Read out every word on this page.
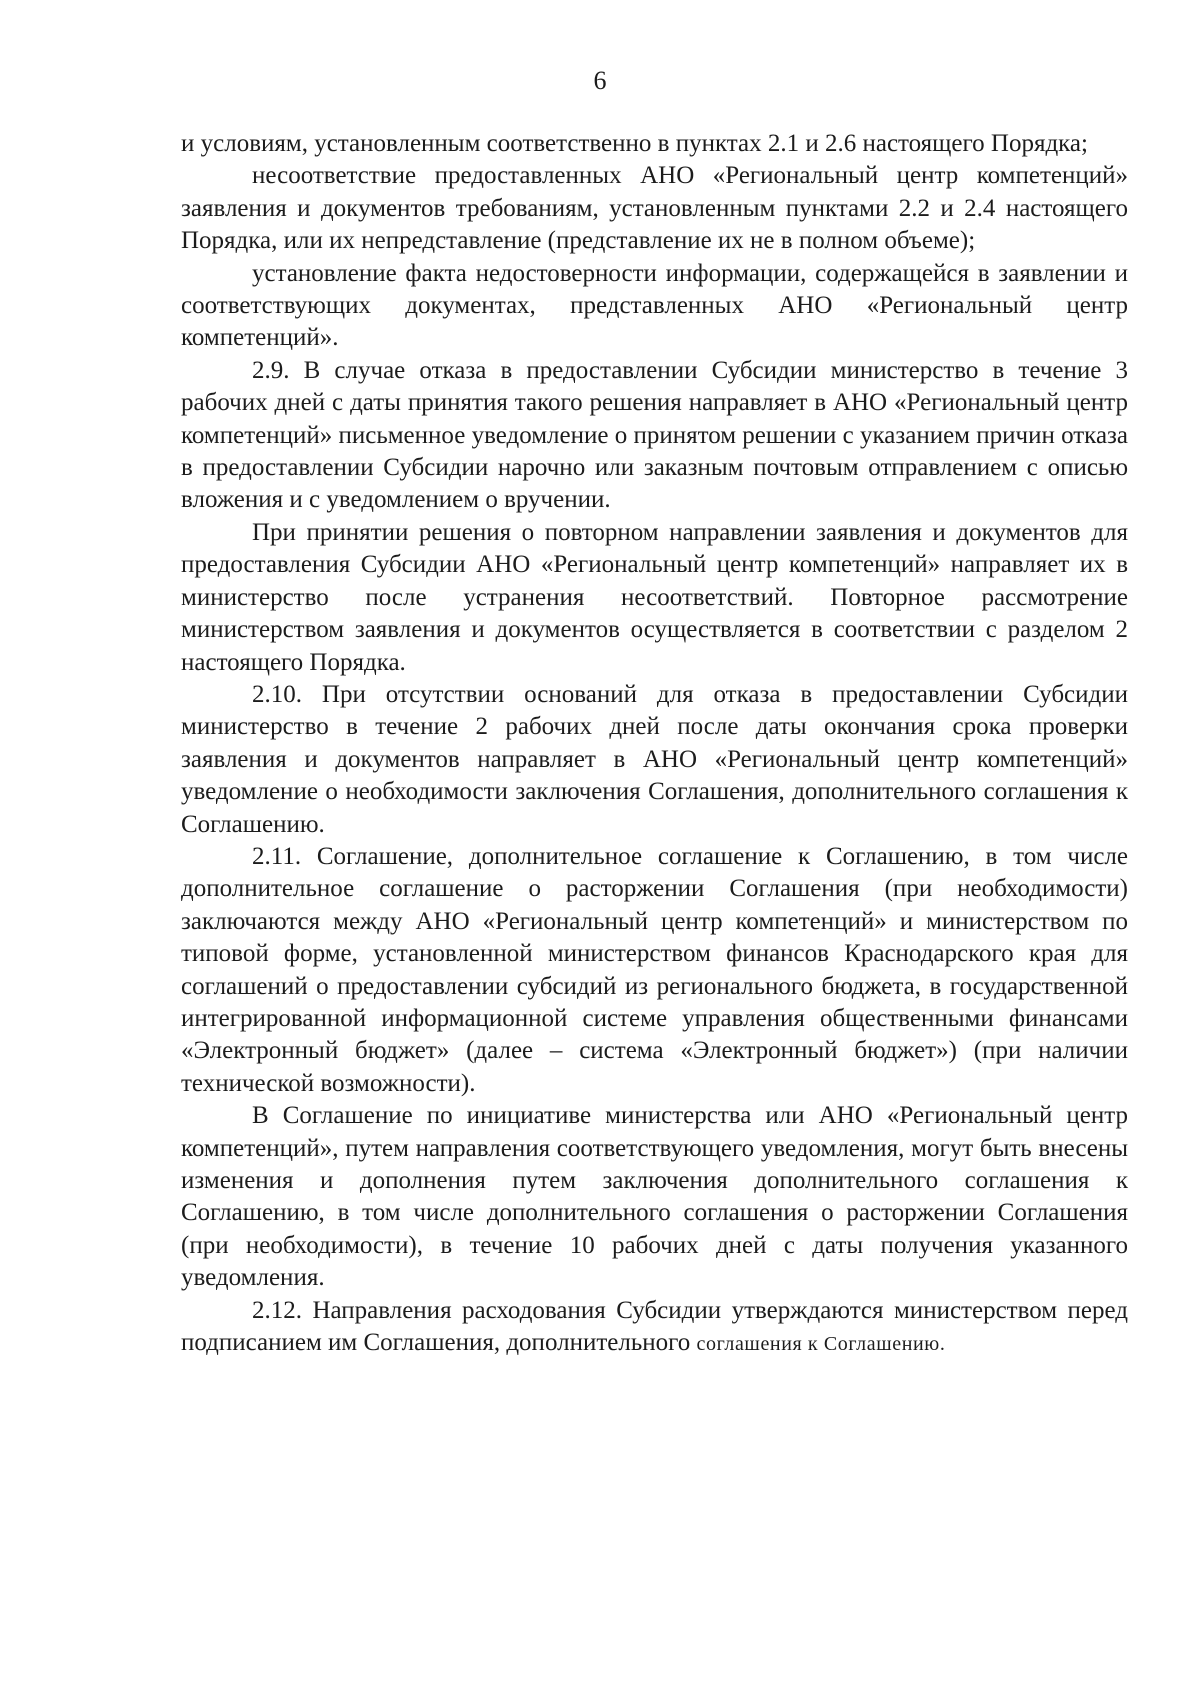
6

и условиям, установленным соответственно в пунктах 2.1 и 2.6 настоящего Порядка;

несоответствие предоставленных АНО «Региональный центр компетенций» заявления и документов требованиям, установленным пунктами 2.2 и 2.4 настоящего Порядка, или их непредставление (представление их не в полном объеме);

установление факта недостоверности информации, содержащейся в заявлении и соответствующих документах, представленных АНО «Региональный центр компетенций».

2.9. В случае отказа в предоставлении Субсидии министерство в течение 3 рабочих дней с даты принятия такого решения направляет в АНО «Региональный центр компетенций» письменное уведомление о принятом решении с указанием причин отказа в предоставлении Субсидии нарочно или заказным почтовым отправлением с описью вложения и с уведомлением о вручении.

При принятии решения о повторном направлении заявления и документов для предоставления Субсидии АНО «Региональный центр компетенций» направляет их в министерство после устранения несоответствий. Повторное рассмотрение министерством заявления и документов осуществляется в соответствии с разделом 2 настоящего Порядка.

2.10. При отсутствии оснований для отказа в предоставлении Субсидии министерство в течение 2 рабочих дней после даты окончания срока проверки заявления и документов направляет в АНО «Региональный центр компетенций» уведомление о необходимости заключения Соглашения, дополнительного соглашения к Соглашению.

2.11. Соглашение, дополнительное соглашение к Соглашению, в том числе дополнительное соглашение о расторжении Соглашения (при необходимости) заключаются между АНО «Региональный центр компетенций» и министерством по типовой форме, установленной министерством финансов Краснодарского края для соглашений о предоставлении субсидий из регионального бюджета, в государственной интегрированной информационной системе управления общественными финансами «Электронный бюджет» (далее – система «Электронный бюджет») (при наличии технической возможности).

В Соглашение по инициативе министерства или АНО «Региональный центр компетенций», путем направления соответствующего уведомления, могут быть внесены изменения и дополнения путем заключения дополнительного соглашения к Соглашению, в том числе дополнительного соглашения о расторжении Соглашения (при необходимости), в течение 10 рабочих дней с даты получения указанного уведомления.

2.12. Направления расходования Субсидии утверждаются министерством перед подписанием им Соглашения, дополнительного соглашения к Соглашению.
